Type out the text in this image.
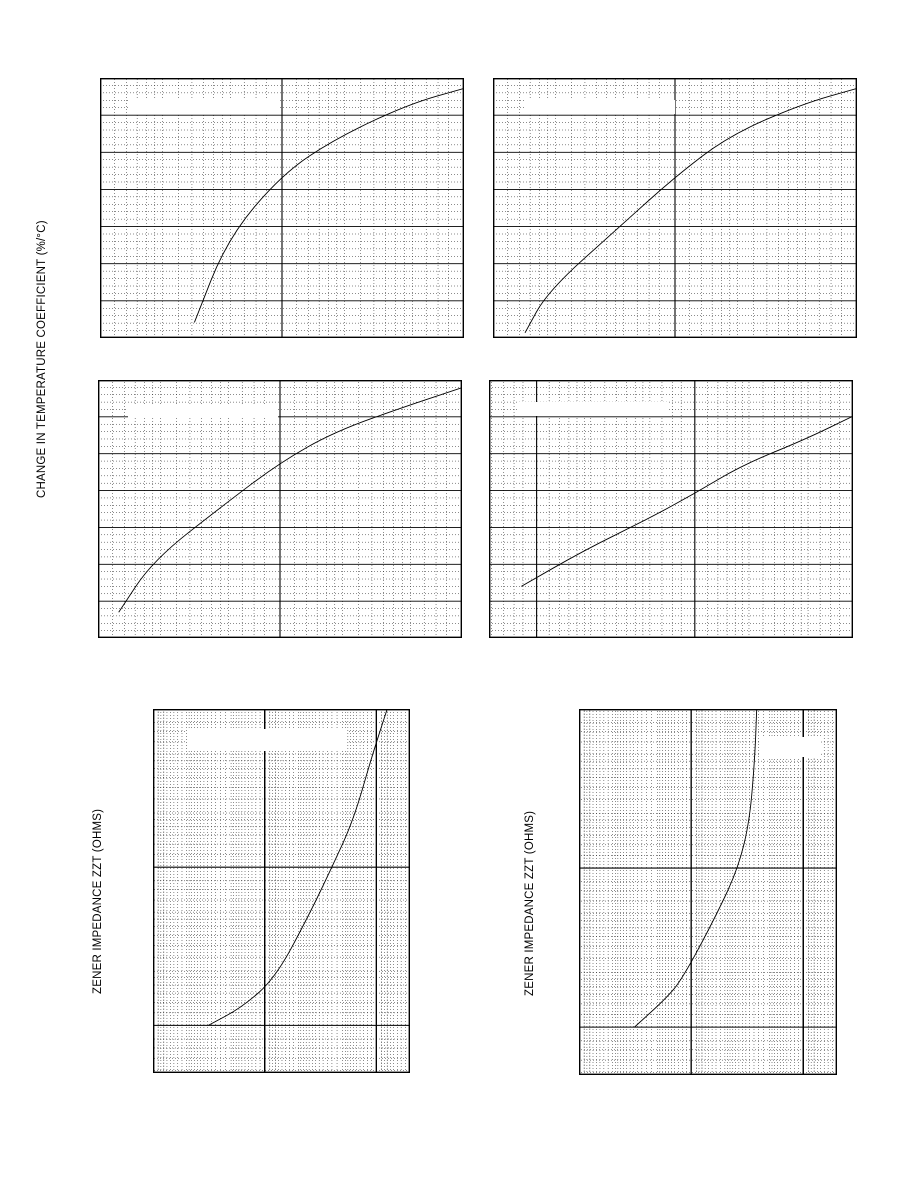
CHANGE IN TEMPERATURE COEFFICIENT (%/°C)
ZENER IMPEDANCE ZZT (OHMS)	ZENER IMPEDANCE ZZT (OHMS)
